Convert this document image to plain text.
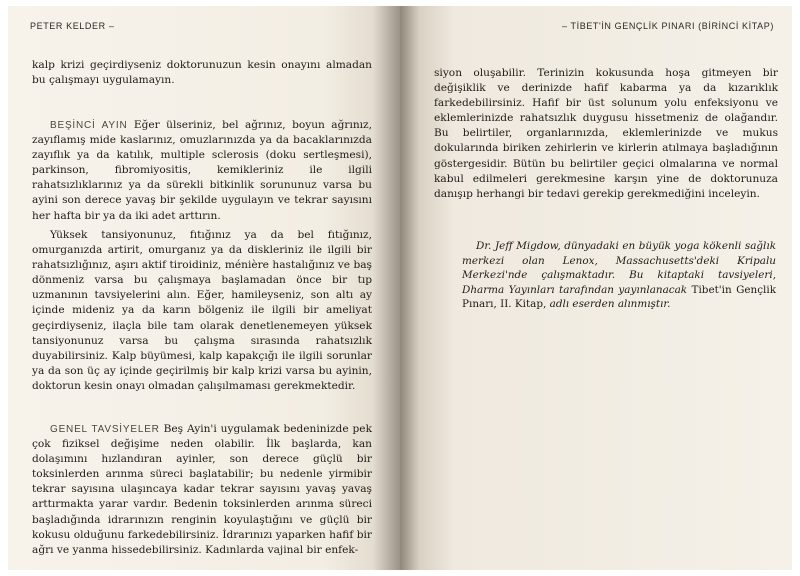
PETER KELDER –
kalp krizi geçirdiyseniz doktorunuzun kesin onayını almadan bu çalışmayı uygulamayın.
BEŞİNCİ AYIN Eğer ülseriniz, bel ağrınız, boyun ağrınız, zayıflamış mide kaslarınız, omuzlarınızda ya da bacaklarınızda zayıflık ya da katılık, multiple sclerosis (doku sertleşmesi), parkinson, fibromiyositis, kemikleriniz ile ilgili rahatsızlıklarınız ya da sürekli bitkinlik sorununuz varsa bu ayini son derece yavaş bir şekilde uygulayın ve tekrar sayısını her hafta bir ya da iki adet arttırın.
Yüksek tansiyonunuz, fıtığınız ya da bel fıtığınız, omurganızda artirit, omurganız ya da diskleriniz ile ilgili bir rahatsızlığınız, aşırı aktif tiroidiniz, ménière hastalığınız ve baş dönmeniz varsa bu çalışmaya başlamadan önce bir tıp uzmanının tavsiyelerini alın. Eğer, hamileyseniz, son altı ay içinde mideniz ya da karın bölgeniz ile ilgili bir ameliyat geçirdiyseniz, ilaçla bile tam olarak denetlenemeyen yüksek tansiyonunuz varsa bu çalışma sırasında rahatsızlık duyabilirsiniz. Kalp büyümesi, kalp kapakçığı ile ilgili sorunlar ya da son üç ay içinde geçirilmiş bir kalp krizi varsa bu ayinin, doktorun kesin onayı olmadan çalışılmaması gerekmektedir.
GENEL TAVSİYELER Beş Ayin'i uygulamak bedeninizde pek çok fiziksel değişime neden olabilir. İlk başlarda, kan dolaşımını hızlandıran ayinler, son derece güçlü bir toksinlerden arınma süreci başlatabilir; bu nedenle yirmibir tekrar sayısına ulaşıncaya kadar tekrar sayısını yavaş yavaş arttırmakta yarar vardır. Bedenin toksinlerden arınma süreci başladığında idrarınızın renginin koyulaştığını ve güçlü bir kokusu olduğunu farkedebilirsiniz. İdrarınızı yaparken hafif bir ağrı ve yanma hissedebilirsiniz. Kadınlarda vajinal bir enfek-
– TİBET'İN GENÇLİK PINARI (BİRİNCİ KİTAP)
siyon oluşabilir. Terinizin kokusunda hoşa gitmeyen bir değişiklik ve derinizde hafif kabarma ya da kızarıklık farkedebilirsiniz. Hafif bir üst solunum yolu enfeksiyonu ve eklemlerinizde rahatsızlık duygusu hissetmeniz de olağandır. Bu belirtiler, organlarınızda, eklemlerinizde ve mukus dokularında biriken zehirlerin ve kirlerin atılmaya başladığının göstergesidir. Bütün bu belirtiler geçici olmalarına ve normal kabul edilmeleri gerekmesine karşın yine de doktorunuza danışıp herhangi bir tedavi gerekip gerekmediğini inceleyin.
Dr. Jeff Migdow, dünyadaki en büyük yoga kökenli sağlık merkezi olan Lenox, Massachusetts'deki Kripalu Merkezi'nde çalışmaktadır. Bu kitaptaki tavsiyeleri, Dharma Yayınları tarafından yayınlanacak Tibet'in Gençlik Pınarı, II. Kitap, adlı eserden alınmıştır.
